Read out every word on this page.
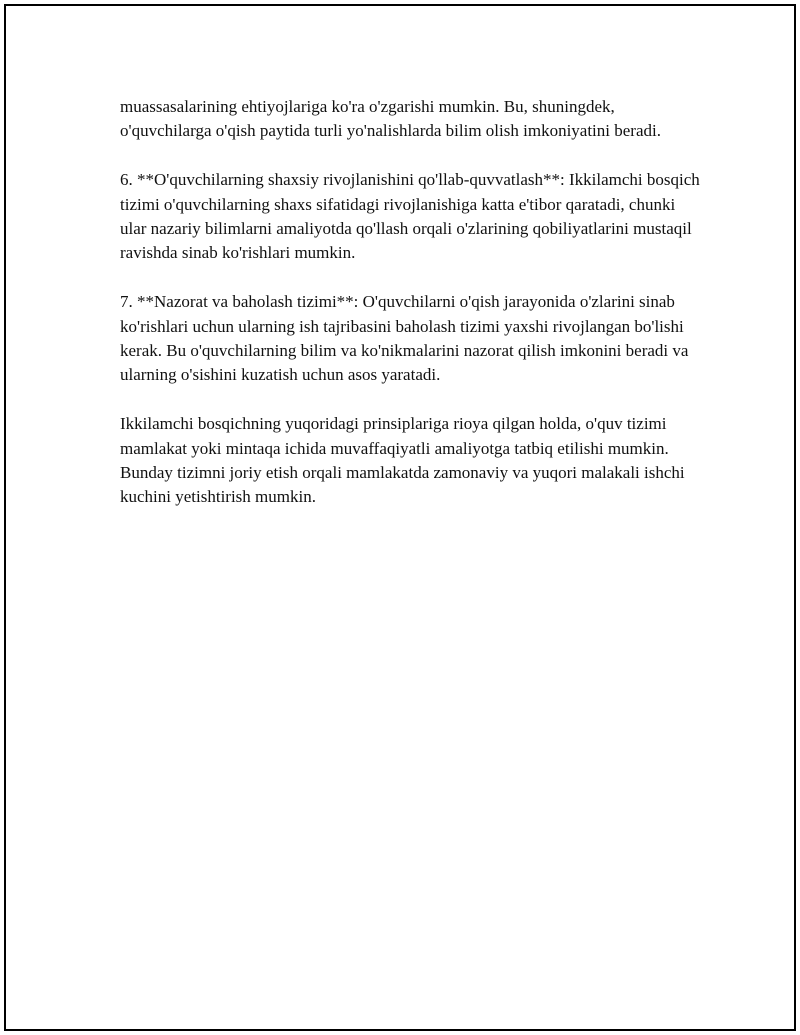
muassasalarining ehtiyojlariga ko'ra o'zgarishi mumkin. Bu, shuningdek, o'quvchilarga o'qish paytida turli yo'nalishlarda bilim olish imkoniyatini beradi.

6. **O'quvchilarning shaxsiy rivojlanishini qo'llab-quvvatlash**: Ikkilamchi bosqich tizimi o'quvchilarning shaxs sifatidagi rivojlanishiga katta e'tibor qaratadi, chunki ular nazariy bilimlarni amaliyotda qo'llash orqali o'zlarining qobiliyatlarini mustaqil ravishda sinab ko'rishlari mumkin.

7. **Nazorat va baholash tizimi**: O'quvchilarni o'qish jarayonida o'zlarini sinab ko'rishlari uchun ularning ish tajribasini baholash tizimi yaxshi rivojlangan bo'lishi kerak. Bu o'quvchilarning bilim va ko'nikmalarini nazorat qilish imkonini beradi va ularning o'sishini kuzatish uchun asos yaratadi.

Ikkilamchi bosqichning yuqoridagi prinsiplariga rioya qilgan holda, o'quv tizimi mamlakat yoki mintaqa ichida muvaffaqiyatli amaliyotga tatbiq etilishi mumkin. Bunday tizimni joriy etish orqali mamlakatda zamonaviy va yuqori malakali ishchi kuchini yetishtirish mumkin.
